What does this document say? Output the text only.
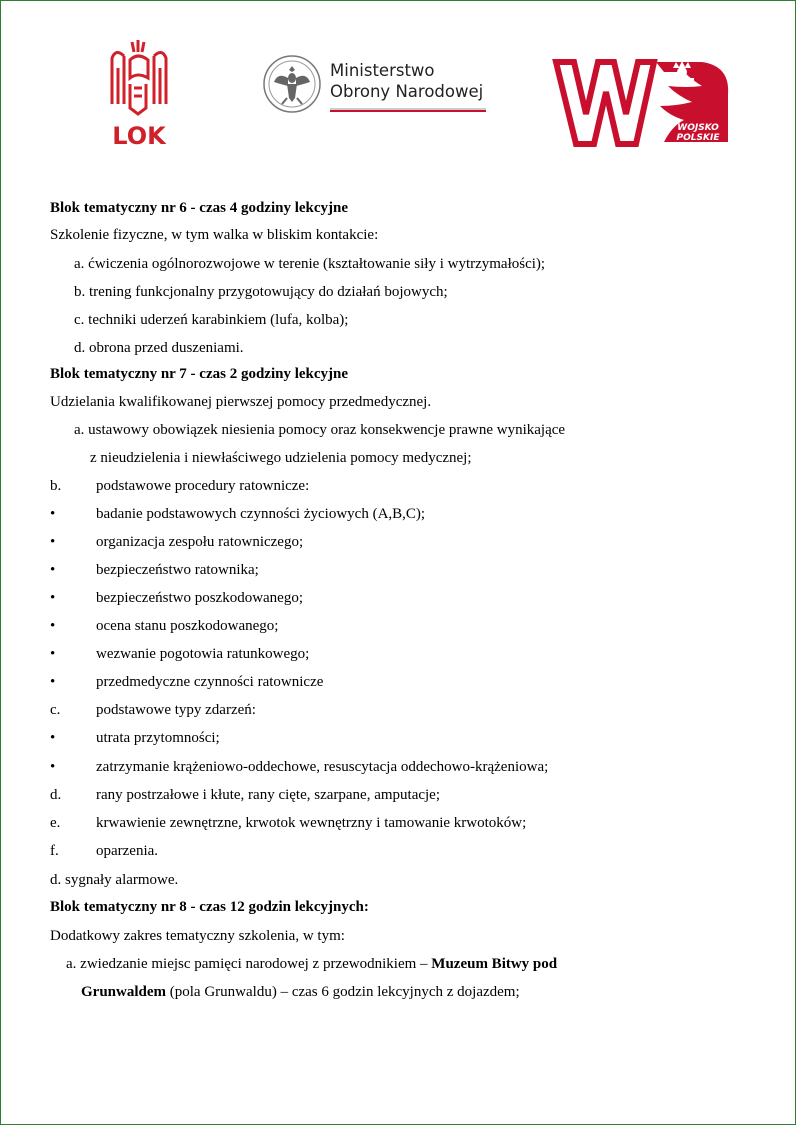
LOK
Ministerstwo
Obrony Narodowej
WOJSKO
POLSKIE
Blok tematyczny nr 6 - czas 4 godziny lekcyjne
Szkolenie fizyczne, w tym walka w bliskim kontakcie:
a. ćwiczenia ogólnorozwojowe w terenie (kształtowanie siły i wytrzymałości);
b. trening funkcjonalny przygotowujący do działań bojowych;
c. techniki uderzeń karabinkiem (lufa, kolba);
d. obrona przed duszeniami.
Blok tematyczny nr 7 - czas 2 godziny lekcyjne
Udzielania kwalifikowanej pierwszej pomocy przedmedycznej.
a. ustawowy obowiązek niesienia pomocy oraz konsekwencje prawne wynikające
z nieudzielenia i niewłaściwego udzielenia pomocy medycznej;
b. podstawowe procedury ratownicze:
•	badanie podstawowych czynności życiowych (A,B,C);
•	organizacja zespołu ratowniczego;
•	bezpieczeństwo ratownika;
•	bezpieczeństwo poszkodowanego;
•	ocena stanu poszkodowanego;
•	wezwanie pogotowia ratunkowego;
•	przedmedyczne czynności ratownicze
c. podstawowe typy zdarzeń:
•	utrata przytomności;
•	zatrzymanie krążeniowo-oddechowe, resuscytacja oddechowo-krążeniowa;
d. rany postrzałowe i kłute, rany cięte, szarpane, amputacje;
e. krwawienie zewnętrzne, krwotok wewnętrzny i tamowanie krwotoków;
f. oparzenia.
d. sygnały alarmowe.
Blok tematyczny nr 8 - czas 12 godzin lekcyjnych:
Dodatkowy zakres tematyczny szkolenia, w tym:
a. zwiedzanie miejsc pamięci narodowej z przewodnikiem – Muzeum Bitwy pod
Grunwaldem (pola Grunwaldu) – czas 6 godzin lekcyjnych z dojazdem;
